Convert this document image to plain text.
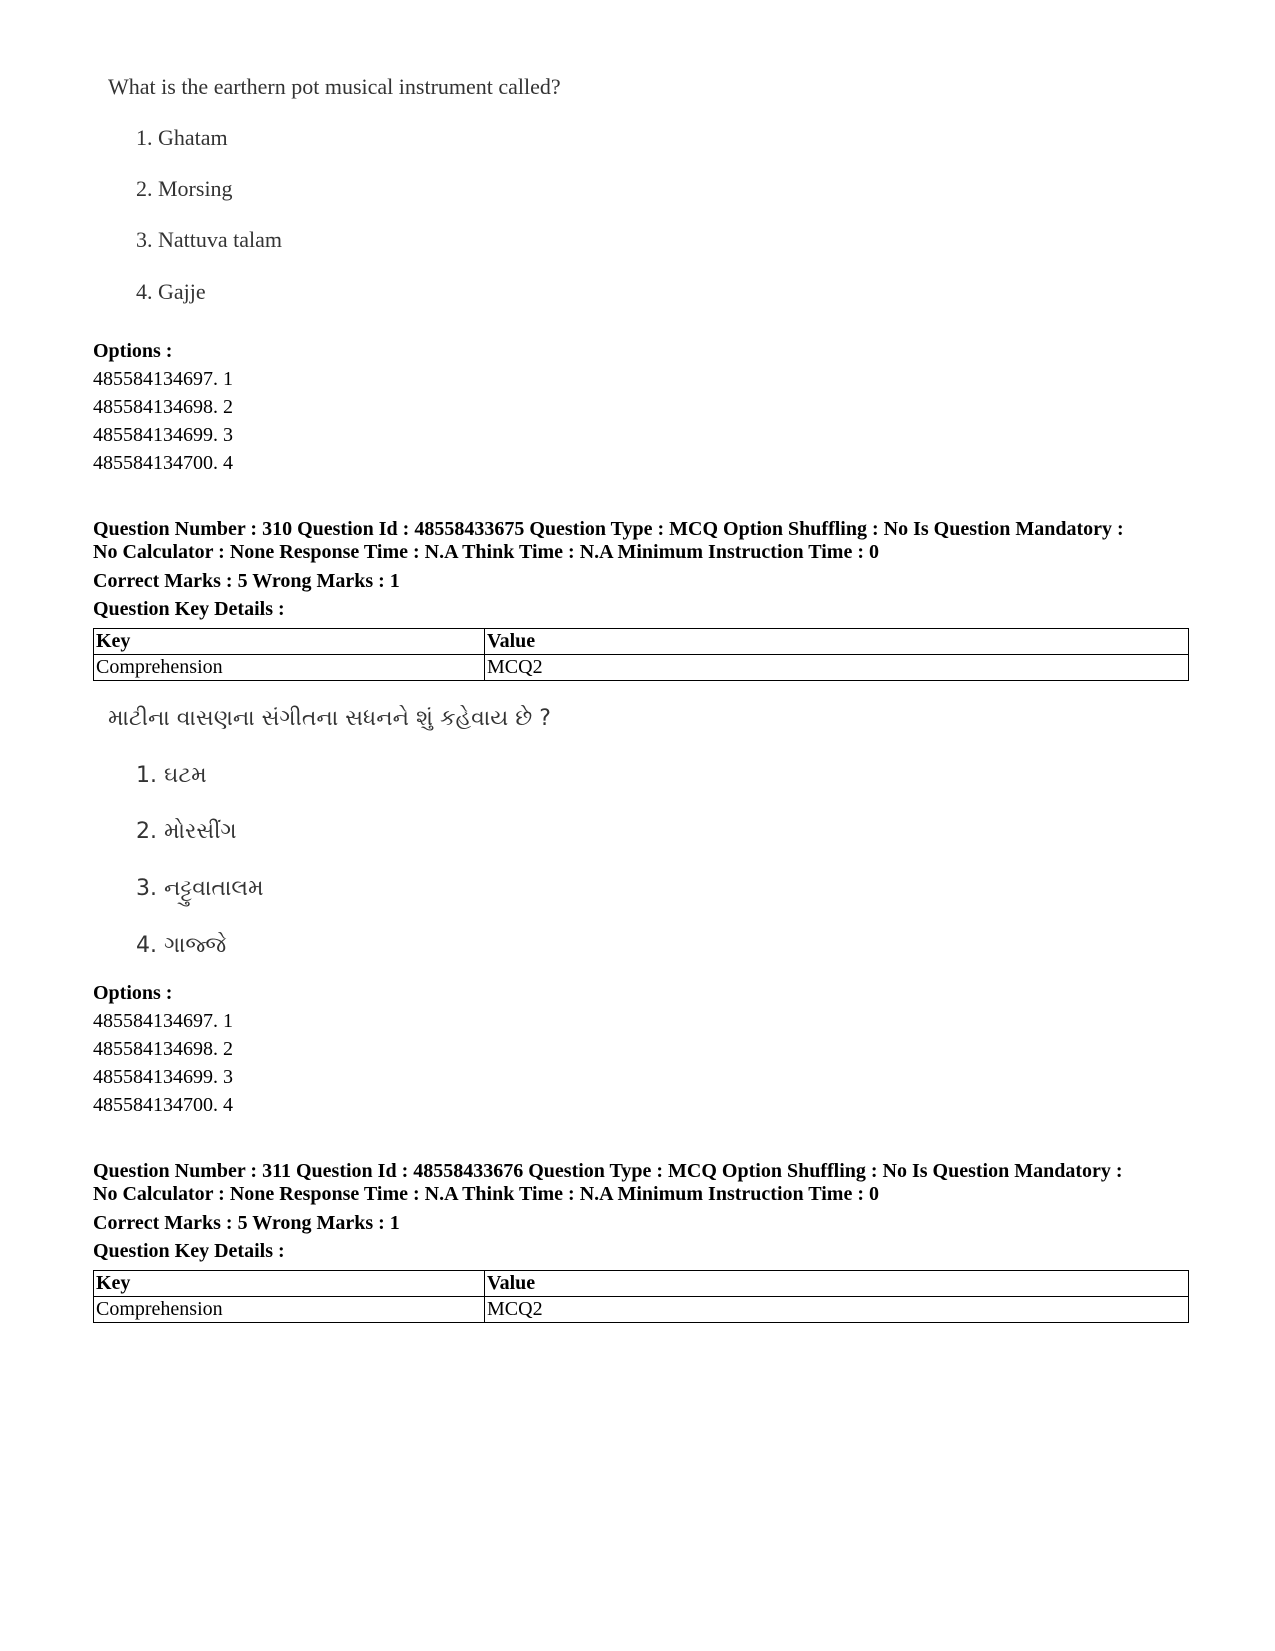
What is the earthern pot musical instrument called?

1. Ghatam

2. Morsing

3. Nattuva talam

4. Gajje

Options :

485584134697. 1

485584134698. 2

485584134699. 3

485584134700. 4

Question Number : 310 Question Id : 48558433675 Question Type : MCQ Option Shuffling : No Is Question Mandatory :

No Calculator : None Response Time : N.A Think Time : N.A Minimum Instruction Time : 0

Correct Marks : 5 Wrong Marks : 1

Question Key Details :

Key	Value
Comprehension	MCQ2

માટીના વાસણના સંગીતના સધનને શું કહેવાય છે ?

1. ઘટમ

2. મોરસીંગ

3. નટ્ટુવાતાલમ

4. ગાજ્જે

Options :

485584134697. 1

485584134698. 2

485584134699. 3

485584134700. 4

Question Number : 311 Question Id : 48558433676 Question Type : MCQ Option Shuffling : No Is Question Mandatory :

No Calculator : None Response Time : N.A Think Time : N.A Minimum Instruction Time : 0

Correct Marks : 5 Wrong Marks : 1

Question Key Details :

Key	Value
Comprehension	MCQ2
